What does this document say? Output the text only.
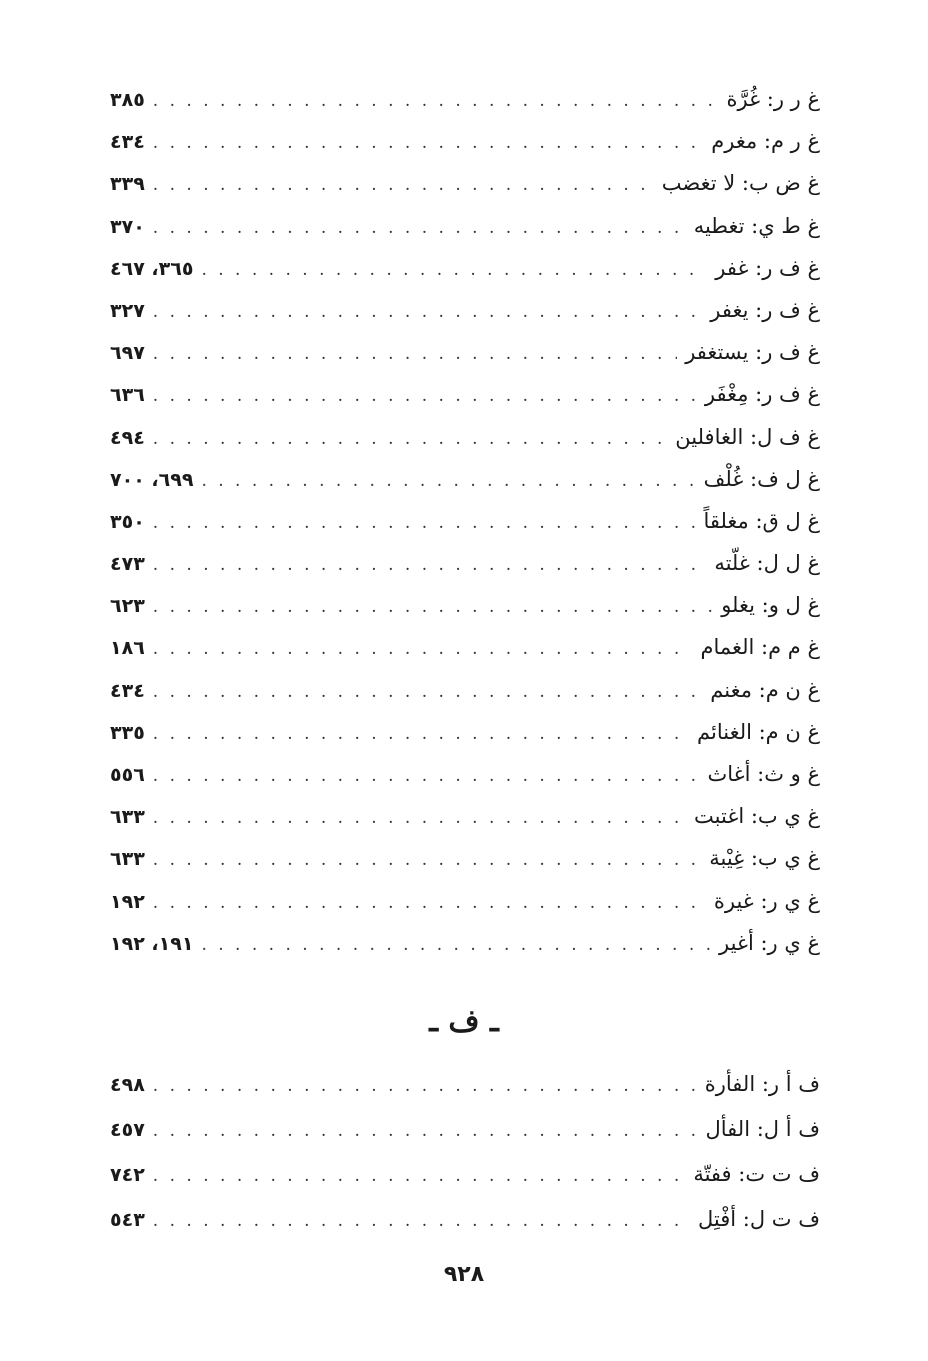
غ ر ر: غُرَّة
. . .
٣٨٥
غ ر م: مغرم
. . .
٤٣٤
غ ض ب: لا تغضب
. . .
٣٣٩
غ ط ي: تغطيه
. . .
٣٧٠
غ ف ر: غفر
. . .
٣٦٥، ٤٦٧
غ ف ر: يغفر
. . .
٣٢٧
غ ف ر: يستغفر
. . .
٦٩٧
غ ف ر: مِغْفَر
. . .
٦٣٦
غ ف ل: الغافلين
. . .
٤٩٤
غ ل ف: غُلْف
. . .
٦٩٩، ٧٠٠
غ ل ق: مغلقاً
. . .
٣٥٠
غ ل ل: غلّته
. . .
٤٧٣
غ ل و: يغلو
. . .
٦٢٣
غ م م: الغمام
. . .
١٨٦
غ ن م: مغنم
. . .
٤٣٤
غ ن م: الغنائم
. . .
٣٣٥
غ و ث: أغاث
. . .
٥٥٦
غ ي ب: اغتبت
. . .
٦٣٣
غ ي ب: غِيْبة
. . .
٦٣٣
غ ي ر: غيرة
. . .
١٩٢
غ ي ر: أغير
. . .
١٩١، ١٩٢
ـ ف ـ
ف أ ر: الفأرة
. . .
٤٩٨
ف أ ل: الفأل
. . .
٤٥٧
ف ت ت: ففتّة
. . .
٧٤٢
ف ت ل: أفْتِل
. . .
٥٤٣
٩٢٨
